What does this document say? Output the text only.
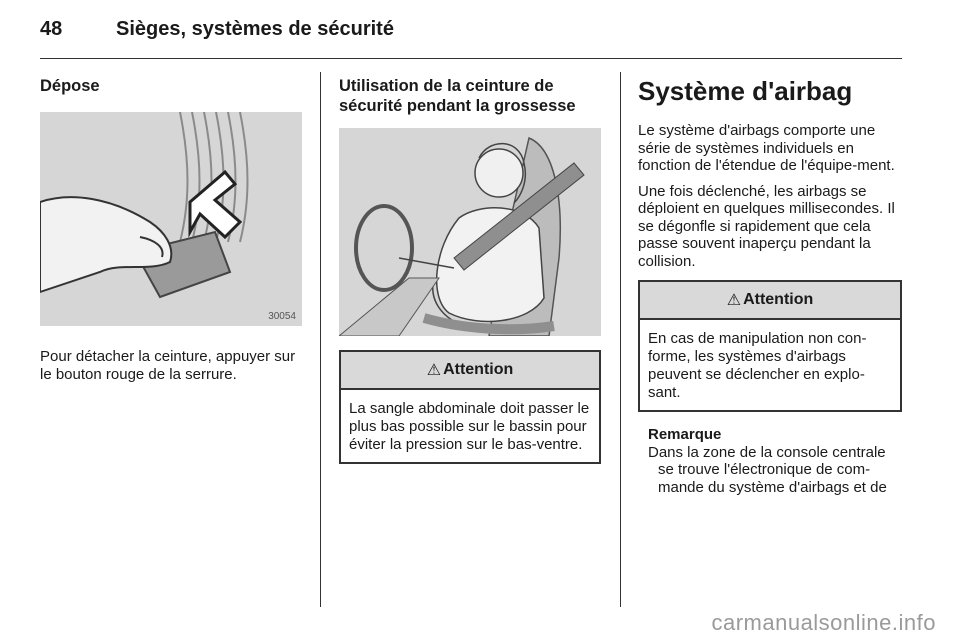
48	Sièges, systèmes de sécurité
Dépose
30054

Pour détacher la ceinture, appuyer sur le bouton rouge de la serrure.

Utilisation de la ceinture de sécurité pendant la grossesse
⚠ Attention
La sangle abdominale doit passer le plus bas possible sur le bassin pour éviter la pression sur le bas-ventre.
Système d'airbag

Le système d'airbags comporte une série de systèmes individuels en fonction de l'étendue de l'équipe-ment.

Une fois déclenché, les airbags se déploient en quelques millisecondes. Il se dégonfle si rapidement que cela passe souvent inaperçu pendant la collision.

⚠ Attention
En cas de manipulation non con-forme, les systèmes d'airbags peuvent se déclencher en explo-sant.
Remarque
Dans la zone de la console centrale se trouve l'électronique de com-mande du système d'airbags et de
carmanualsonline.info
